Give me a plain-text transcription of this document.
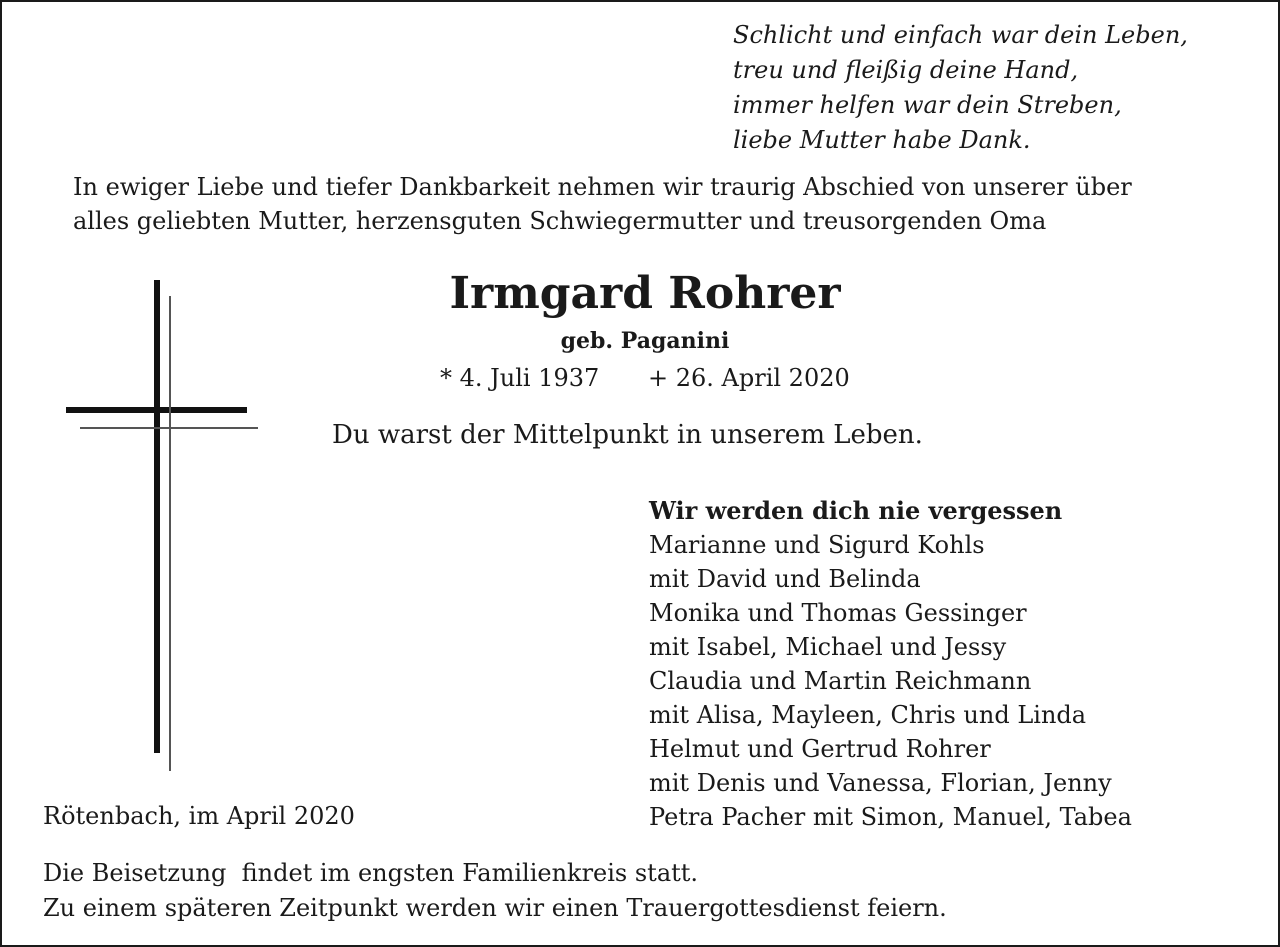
Schlicht und einfach war dein Leben,
treu und fleißig deine Hand,
immer helfen war dein Streben,
liebe Mutter habe Dank.
In ewiger Liebe und tiefer Dankbarkeit nehmen wir traurig Abschied von unserer über
alles geliebten Mutter, herzensguten Schwiegermutter und treusorgenden Oma
Irmgard Rohrer
geb. Paganini
* 4. Juli 1937 + 26. April 2020
Du warst der Mittelpunkt in unserem Leben.
Wir werden dich nie vergessen
Marianne und Sigurd Kohls
mit David und Belinda
Monika und Thomas Gessinger
mit Isabel, Michael und Jessy
Claudia und Martin Reichmann
mit Alisa, Mayleen, Chris und Linda
Helmut und Gertrud Rohrer
mit Denis und Vanessa, Florian, Jenny
Petra Pacher mit Simon, Manuel, Tabea
Rötenbach, im April 2020
Die Beisetzung  findet im engsten Familienkreis statt.
Zu einem späteren Zeitpunkt werden wir einen Trauergottesdienst feiern.
